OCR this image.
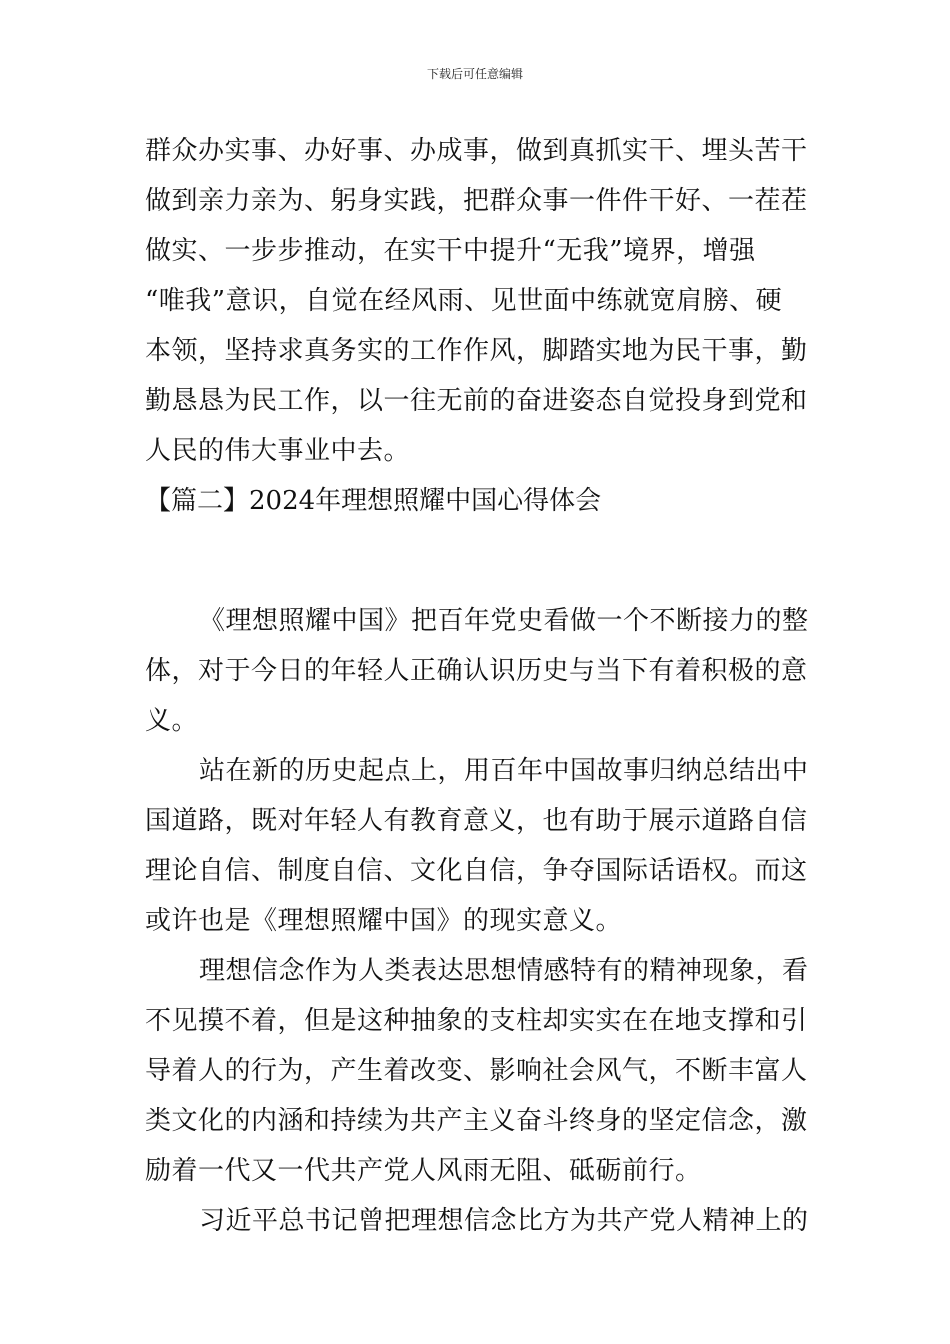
下载后可任意编辑
群众办实事、办好事、办成事，做到真抓实干、埋头苦干
做到亲力亲为、躬身实践，把群众事一件件干好、一茬茬
做实、一步步推动，在实干中提升“无我”境界，增强
“唯我”意识，自觉在经风雨、见世面中练就宽肩膀、硬
本领，坚持求真务实的工作作风，脚踏实地为民干事，勤
勤恳恳为民工作，以一往无前的奋进姿态自觉投身到党和
人民的伟大事业中去。
【篇二】2024年理想照耀中国心得体会
《理想照耀中国》把百年党史看做一个不断接力的整
体，对于今日的年轻人正确认识历史与当下有着积极的意
义。
站在新的历史起点上，用百年中国故事归纳总结出中
国道路，既对年轻人有教育意义，也有助于展示道路自信
理论自信、制度自信、文化自信，争夺国际话语权。而这
或许也是《理想照耀中国》的现实意义。
理想信念作为人类表达思想情感特有的精神现象，看
不见摸不着，但是这种抽象的支柱却实实在在地支撑和引
导着人的行为，产生着改变、影响社会风气，不断丰富人
类文化的内涵和持续为共产主义奋斗终身的坚定信念，激
励着一代又一代共产党人风雨无阻、砥砺前行。
习近平总书记曾把理想信念比方为共产党人精神上的
